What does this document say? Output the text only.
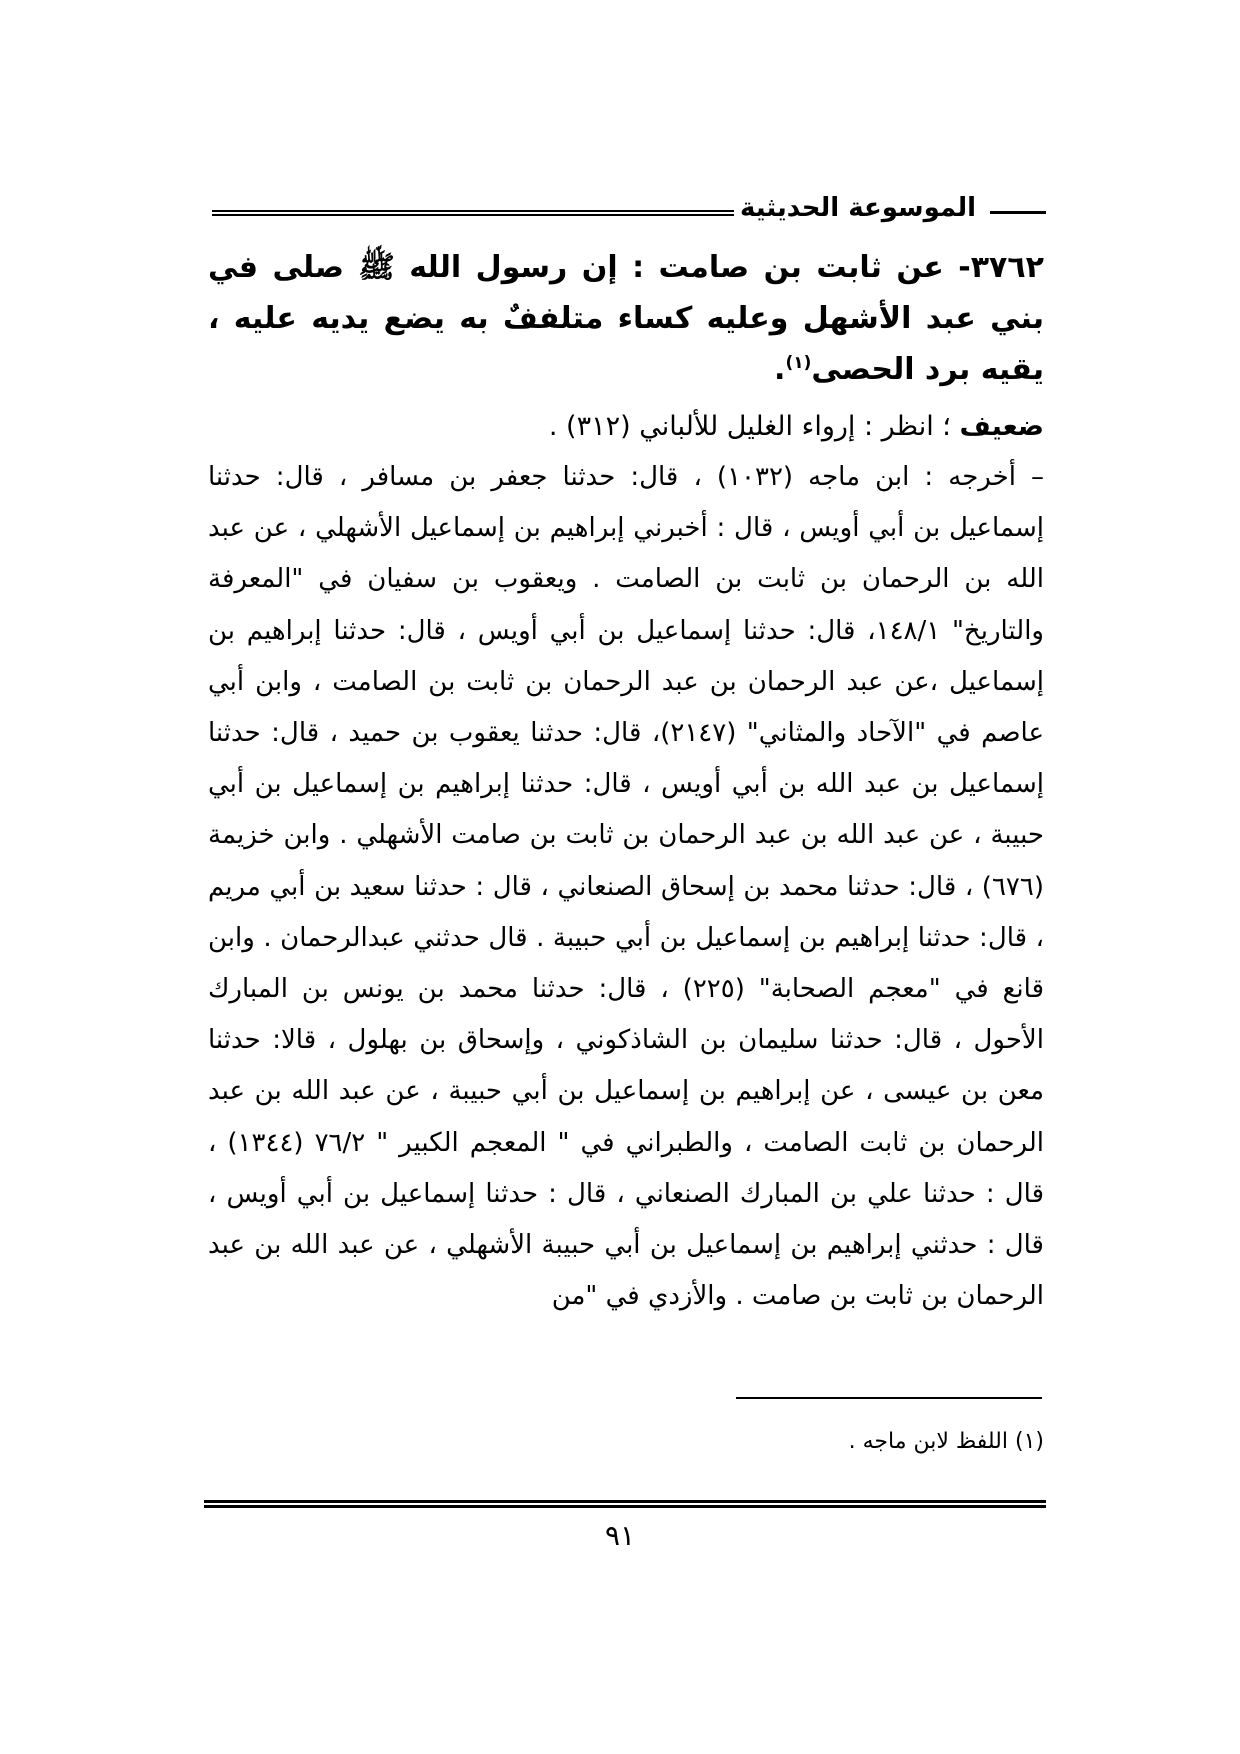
الموسوعة الحديثية

٣٧٦٢- عن ثابت بن صامت : إن رسول الله ﷺ صلى في بني عبد الأشهل وعليه كساء متلففٌ به يضع يديه عليه ، يقيه برد الحصى$^{(١)}$.

ضعيف ؛ انظر : إرواء الغليل للألباني (٣١٢) .

– أخرجه : ابن ماجه (١٠٣٢) ، قال: حدثنا جعفر بن مسافر ، قال: حدثنا إسماعيل بن أبي أويس ، قال : أخبرني إبراهيم بن إسماعيل الأشهلي ، عن عبد الله بن الرحمان بن ثابت بن الصامت . ويعقوب بن سفيان في "المعرفة والتاريخ" ١٤٨/١، قال: حدثنا إسماعيل بن أبي أويس ، قال: حدثنا إبراهيم بن إسماعيل ،عن عبد الرحمان بن عبد الرحمان بن ثابت بن الصامت ، وابن أبي عاصم في "الآحاد والمثاني" (٢١٤٧)، قال: حدثنا يعقوب بن حميد ، قال: حدثنا إسماعيل بن عبد الله بن أبي أويس ، قال: حدثنا إبراهيم بن إسماعيل بن أبي حبيبة ، عن عبد الله بن عبد الرحمان بن ثابت بن صامت الأشهلي . وابن خزيمة (٦٧٦) ، قال: حدثنا محمد بن إسحاق الصنعاني ، قال : حدثنا سعيد بن أبي مريم ، قال: حدثنا إبراهيم بن إسماعيل بن أبي حبيبة . قال حدثني عبدالرحمان . وابن قانع في "معجم الصحابة" (٢٢٥) ، قال: حدثنا محمد بن يونس بن المبارك الأحول ، قال: حدثنا سليمان بن الشاذكوني ، وإسحاق بن بهلول ، قالا: حدثنا معن بن عيسى ، عن إبراهيم بن إسماعيل بن أبي حبيبة ، عن عبد الله بن عبد الرحمان بن ثابت الصامت ، والطبراني في " المعجم الكبير " ٧٦/٢ (١٣٤٤) ، قال : حدثنا علي بن المبارك الصنعاني ، قال : حدثنا إسماعيل بن أبي أويس ، قال : حدثني إبراهيم بن إسماعيل بن أبي حبيبة الأشهلي ، عن عبد الله بن عبد الرحمان بن ثابت بن صامت . والأزدي في "من

(١) اللفظ لابن ماجه .
٩١
